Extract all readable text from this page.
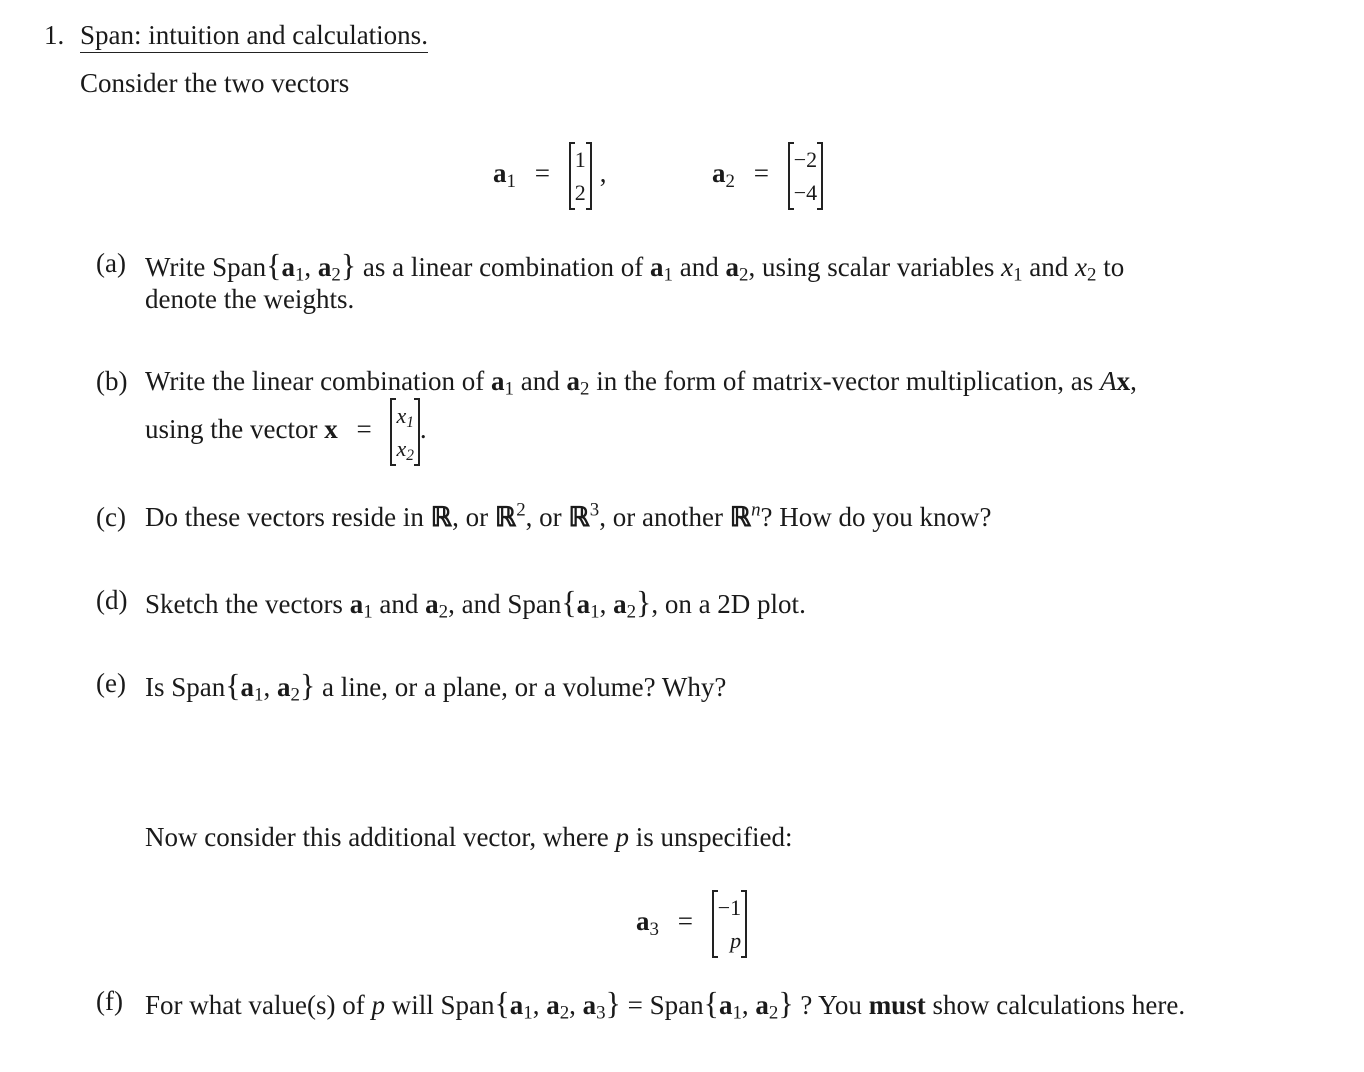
1. Span: intuition and calculations.
Consider the two vectors
$a_1 = 1$
2
,	$a_2 = -2$
−4
(a) Write $Span\{a_1$, $a_2$} as a linear combination of $a_1$ and $a_2$, using scalar variables $x_1$ and $x_2$ to
denote the weights.
(b) Write the linear combination of $a_1$ and $a_2$ in the form of matrix-vector multiplication, as Ax,
using the vector $x = x_1$
$x_2$
.
(c) Do these vectors reside in ℝ, or ℝ$^2$, or ℝ$^3$, or another ℝ$^n$? How do you know?
(d) Sketch the vectors $a_1$ and $a_2$, and $Span\{a_1$, $a_2$}, on a 2D plot.
(e) Is $Span\{a_1$, $a_2$} a line, or a plane, or a volume? Why?
Now consider this additional vector, where p is unspecified:
$a_3 = -1$
p
(f) For what value(s) of p will $Span\{a_1$, $a_2$, $a_3$} = $Span\{a_1$, $a_2$} ? You must show calculations here.
